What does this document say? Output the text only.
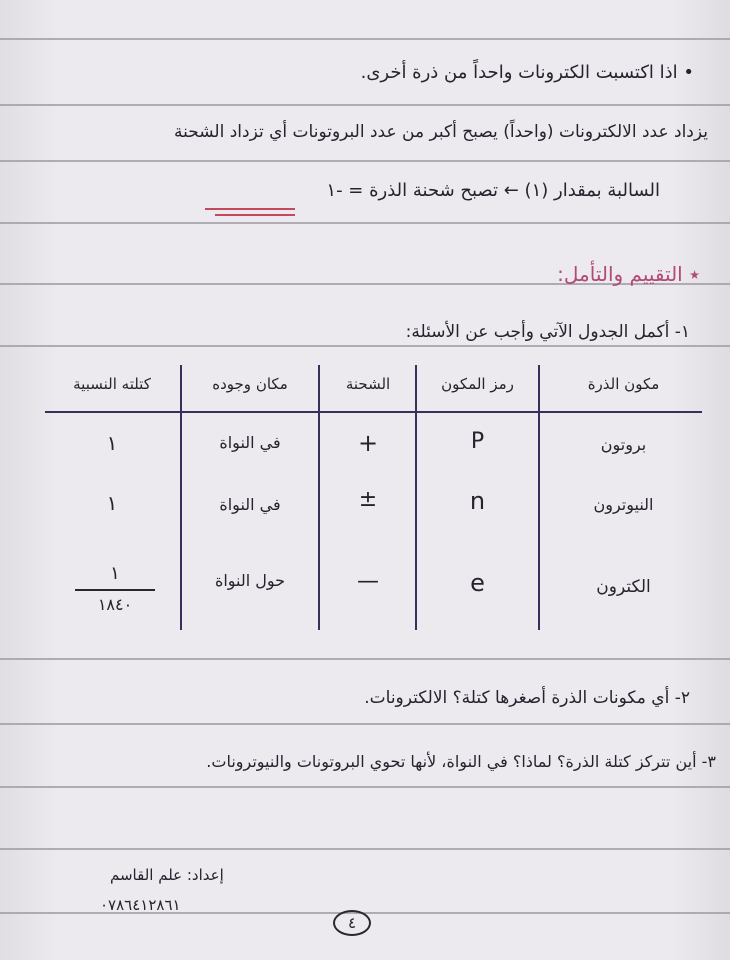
• اذا اكتسبت الكترونات واحداً من ذرة أخرى.
يزداد عدد الالكترونات (واحداً) يصبح أكبر من عدد البروتونات أي تزداد الشحنة
السالبة بمقدار (١) ← تصبح شحنة الذرة = -١
٭ التقييم والتأمل:
١- أكمل الجدول الآتي وأجب عن الأسئلة:
مكون الذرة
رمز المكون
الشحنة
مكان وجوده
كتلته النسبية
بروتون
P
+
في النواة
١
النيوترون
n
±
في النواة
١
الكترون
e
—
حول النواة
١
١٨٤٠
٢- أي مكونات الذرة أصغرها كتلة؟ الالكترونات.
٣- أين تتركز كتلة الذرة؟ لماذا؟ في النواة، لأنها تحوي البروتونات والنيوترونات.
إعداد: علم القاسم
٠٧٨٦٤١٢٨٦١
٤
